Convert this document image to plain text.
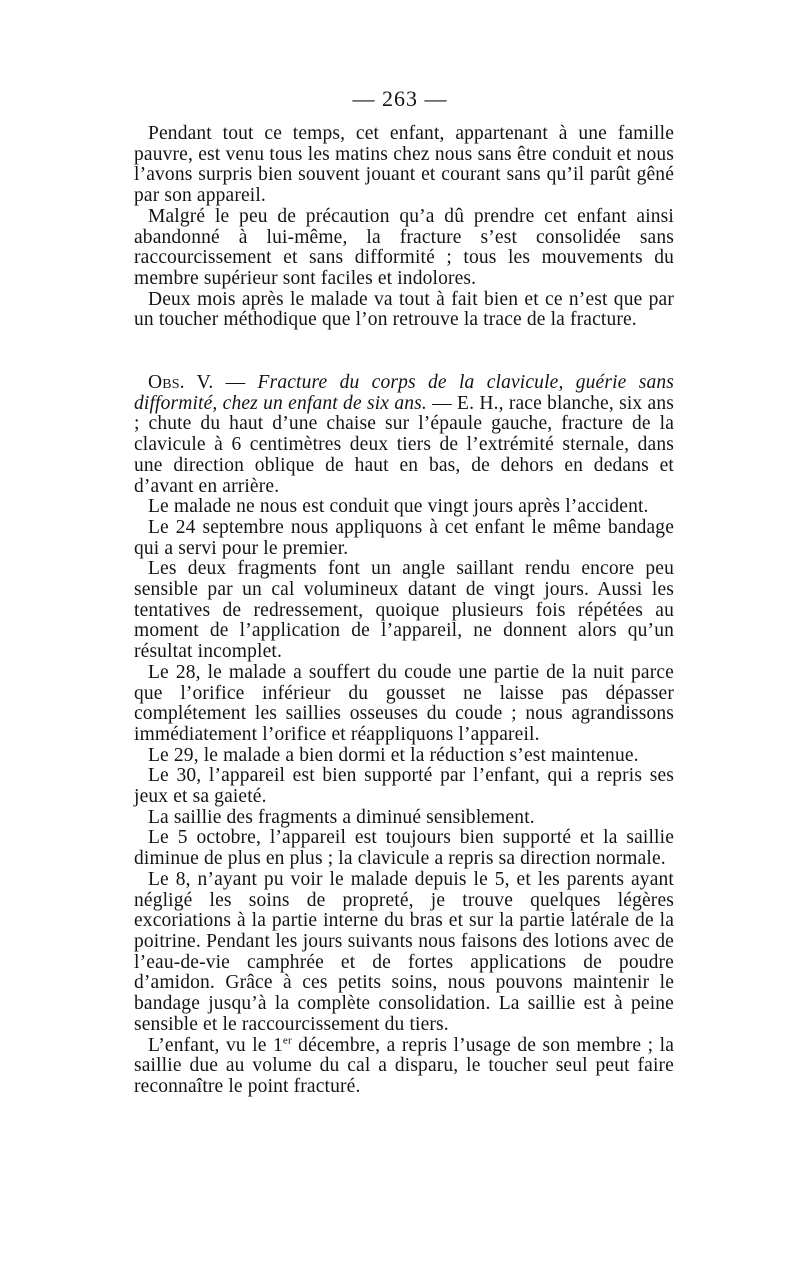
— 263 —

Pendant tout ce temps, cet enfant, appartenant à une famille pauvre, est venu tous les matins chez nous sans être conduit et nous l’avons surpris bien souvent jouant et courant sans qu’il parût gêné par son appareil.

Malgré le peu de précaution qu’a dû prendre cet enfant ainsi abandonné à lui-même, la fracture s’est consolidée sans raccourcissement et sans difformité ; tous les mouvements du membre supérieur sont faciles et indolores.

Deux mois après le malade va tout à fait bien et ce n’est que par un toucher méthodique que l’on retrouve la trace de la fracture.

Obs. V. — Fracture du corps de la clavicule, guérie sans difformité, chez un enfant de six ans. — E. H., race blanche, six ans ; chute du haut d’une chaise sur l’épaule gauche, fracture de la clavicule à 6 centimètres deux tiers de l’extrémité sternale, dans une direction oblique de haut en bas, de dehors en dedans et d’avant en arrière.

Le malade ne nous est conduit que vingt jours après l’accident.

Le 24 septembre nous appliquons à cet enfant le même bandage qui a servi pour le premier.

Les deux fragments font un angle saillant rendu encore peu sensible par un cal volumineux datant de vingt jours. Aussi les tentatives de redressement, quoique plusieurs fois répétées au moment de l’application de l’appareil, ne donnent alors qu’un résultat incomplet.

Le 28, le malade a souffert du coude une partie de la nuit parce que l’orifice inférieur du gousset ne laisse pas dépasser complétement les saillies osseuses du coude ; nous agrandissons immédiatement l’orifice et réappliquons l’appareil.

Le 29, le malade a bien dormi et la réduction s’est maintenue.

Le 30, l’appareil est bien supporté par l’enfant, qui a repris ses jeux et sa gaieté.

La saillie des fragments a diminué sensiblement.

Le 5 octobre, l’appareil est toujours bien supporté et la saillie diminue de plus en plus ; la clavicule a repris sa direction normale.

Le 8, n’ayant pu voir le malade depuis le 5, et les parents ayant négligé les soins de propreté, je trouve quelques légères excoriations à la partie interne du bras et sur la partie latérale de la poitrine. Pendant les jours suivants nous faisons des lotions avec de l’eau-de-vie camphrée et de fortes applications de poudre d’amidon. Grâce à ces petits soins, nous pouvons maintenir le bandage jusqu’à la complète consolidation. La saillie est à peine sensible et le raccourcissement du tiers.

L’enfant, vu le 1er décembre, a repris l’usage de son membre ; la saillie due au volume du cal a disparu, le toucher seul peut faire reconnaître le point fracturé.
